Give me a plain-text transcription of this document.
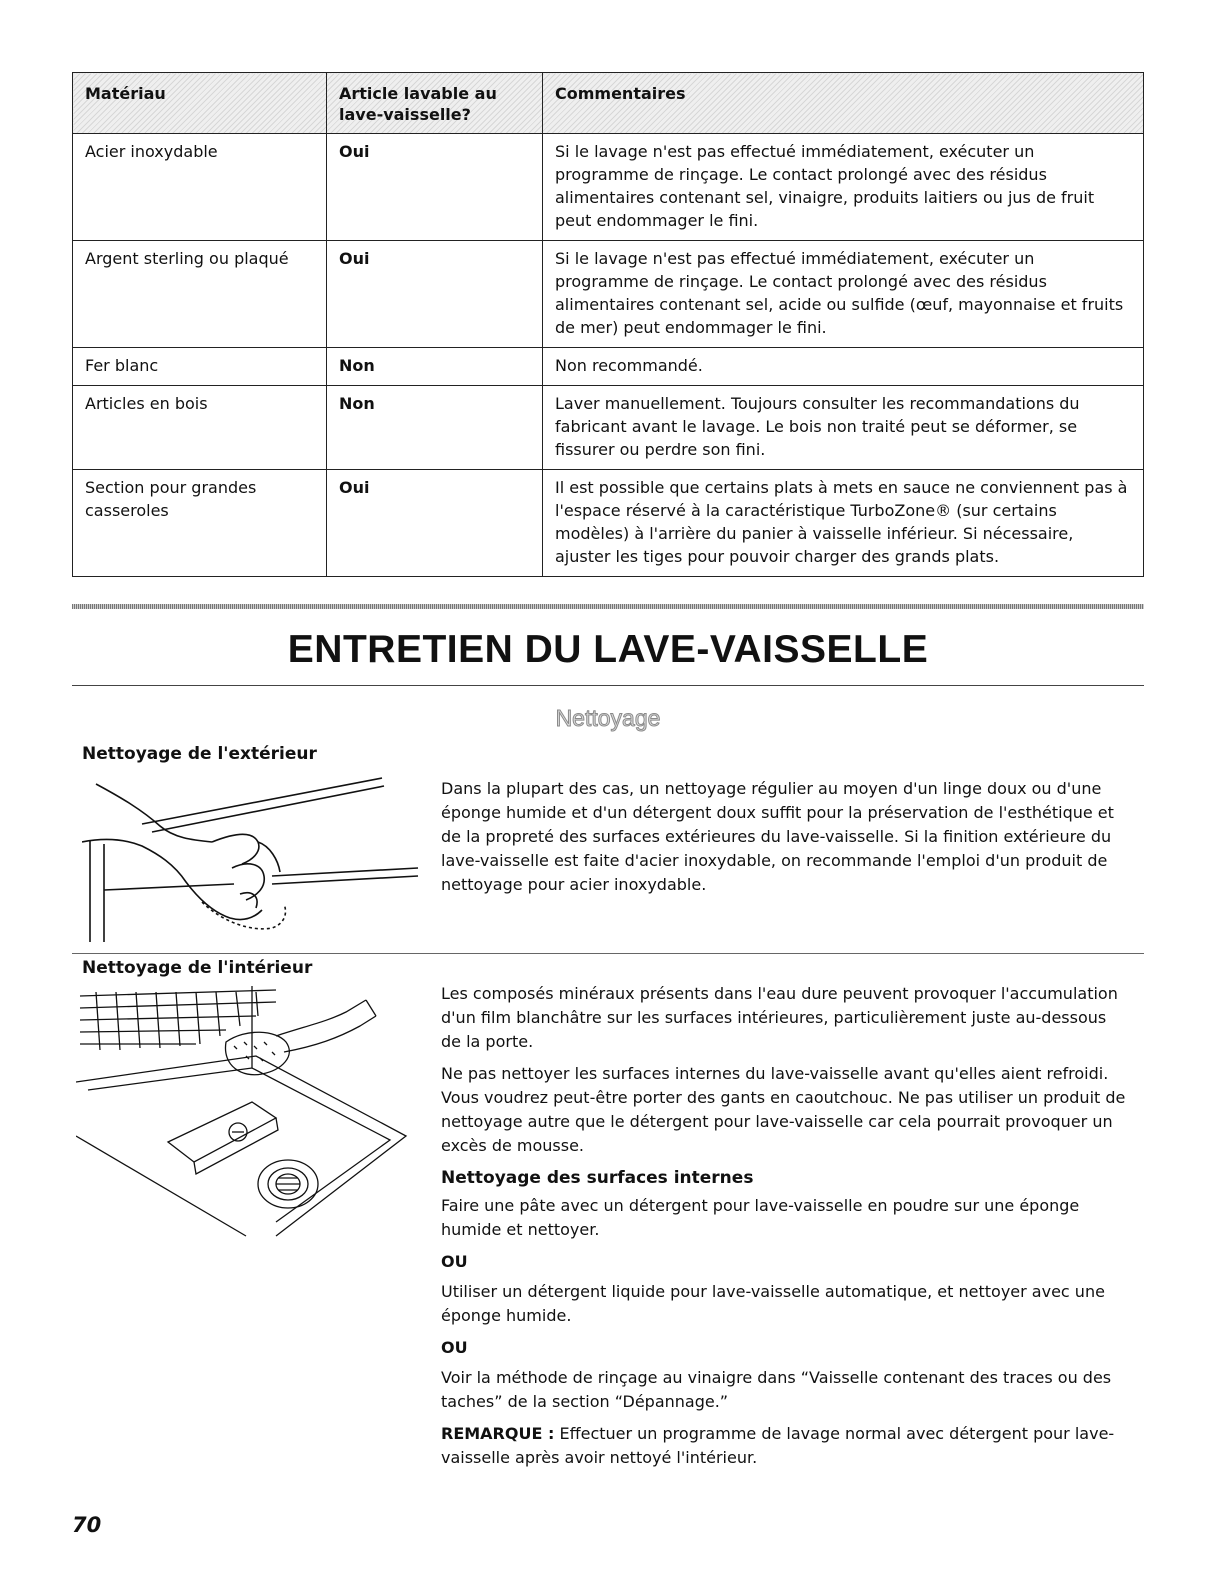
Matériau	Article lavable au lave-vaisselle?	Commentaires
Acier inoxydable	Oui	Si le lavage n'est pas effectué immédiatement, exécuter un programme de rinçage. Le contact prolongé avec des résidus alimentaires contenant sel, vinaigre, produits laitiers ou jus de fruit peut endommager le fini.
Argent sterling ou plaqué	Oui	Si le lavage n'est pas effectué immédiatement, exécuter un programme de rinçage. Le contact prolongé avec des résidus alimentaires contenant sel, acide ou sulfide (œuf, mayonnaise et fruits de mer) peut endommager le fini.
Fer blanc	Non	Non recommandé.
Articles en bois	Non	Laver manuellement. Toujours consulter les recommandations du fabricant avant le lavage. Le bois non traité peut se déformer, se fissurer ou perdre son fini.
Section pour grandes casseroles	Oui	Il est possible que certains plats à mets en sauce ne conviennent pas à l'espace réservé à la caractéristique TurboZone® (sur certains modèles) à l'arrière du panier à vaisselle inférieur. Si nécessaire, ajuster les tiges pour pouvoir charger des grands plats.
ENTRETIEN DU LAVE-VAISSELLE
Nettoyage
Nettoyage de l'extérieur
Dans la plupart des cas, un nettoyage régulier au moyen d'un linge doux ou d'une éponge humide et d'un détergent doux suffit pour la préservation de l'esthétique et de la propreté des surfaces extérieures du lave-vaisselle. Si la finition extérieure du lave-vaisselle est faite d'acier inoxydable, on recommande l'emploi d'un produit de nettoyage pour acier inoxydable.
Nettoyage de l'intérieur

Les composés minéraux présents dans l'eau dure peuvent provoquer l'accumulation d'un film blanchâtre sur les surfaces intérieures, particulièrement juste au-dessous de la porte.

Ne pas nettoyer les surfaces internes du lave-vaisselle avant qu'elles aient refroidi. Vous voudrez peut-être porter des gants en caoutchouc. Ne pas utiliser un produit de nettoyage autre que le détergent pour lave-vaisselle car cela pourrait provoquer un excès de mousse.

Nettoyage des surfaces internes

Faire une pâte avec un détergent pour lave-vaisselle en poudre sur une éponge humide et nettoyer.

OU

Utiliser un détergent liquide pour lave-vaisselle automatique, et nettoyer avec une éponge humide.

OU

Voir la méthode de rinçage au vinaigre dans “Vaisselle contenant des traces ou des taches” de la section “Dépannage.”

REMARQUE : Effectuer un programme de lavage normal avec détergent pour lave-vaisselle après avoir nettoyé l'intérieur.

70
